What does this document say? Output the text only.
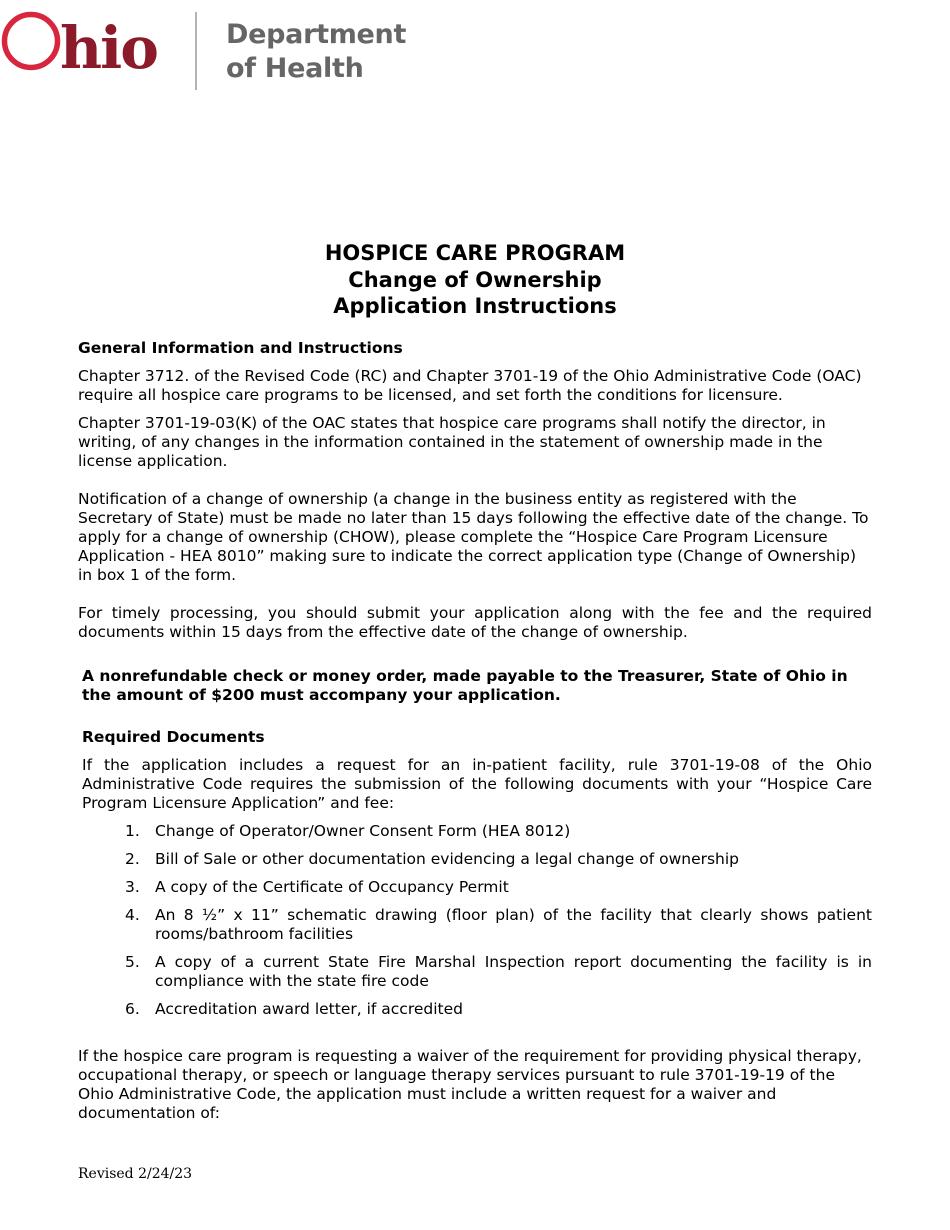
hio	Department
of Health
HOSPICE CARE PROGRAM
Change of Ownership
Application Instructions
General Information and Instructions

Chapter 3712. of the Revised Code (RC) and Chapter 3701-19 of the Ohio Administrative Code (OAC) require all hospice care programs to be licensed, and set forth the conditions for licensure.

Chapter 3701-19-03(K) of the OAC states that hospice care programs shall notify the director, in writing, of any changes in the information contained in the statement of ownership made in the license application.

Notification of a change of ownership (a change in the business entity as registered with the Secretary of State) must be made no later than 15 days following the effective date of the change. To apply for a change of ownership (CHOW), please complete the “Hospice Care Program Licensure Application - HEA 8010” making sure to indicate the correct application type (Change of Ownership) in box 1 of the form.

For timely processing, you should submit your application along with the fee and the required documents within 15 days from the effective date of the change of ownership.

A nonrefundable check or money order, made payable to the Treasurer, State of Ohio in the amount of $200 must accompany your application.

Required Documents

If the application includes a request for an in-patient facility, rule 3701-19-08 of the Ohio Administrative Code requires the submission of the following documents with your “Hospice Care Program Licensure Application” and fee:

1. Change of Operator/Owner Consent Form (HEA 8012)
2. Bill of Sale or other documentation evidencing a legal change of ownership
3. A copy of the Certificate of Occupancy Permit
4. An 8 ½” x 11” schematic drawing (floor plan) of the facility that clearly shows patient rooms/bathroom facilities
5. A copy of a current State Fire Marshal Inspection report documenting the facility is in compliance with the state fire code
6. Accreditation award letter, if accredited

If the hospice care program is requesting a waiver of the requirement for providing physical therapy, occupational therapy, or speech or language therapy services pursuant to rule 3701-19-19 of the Ohio Administrative Code, the application must include a written request for a waiver and documentation of:

Revised 2/24/23
